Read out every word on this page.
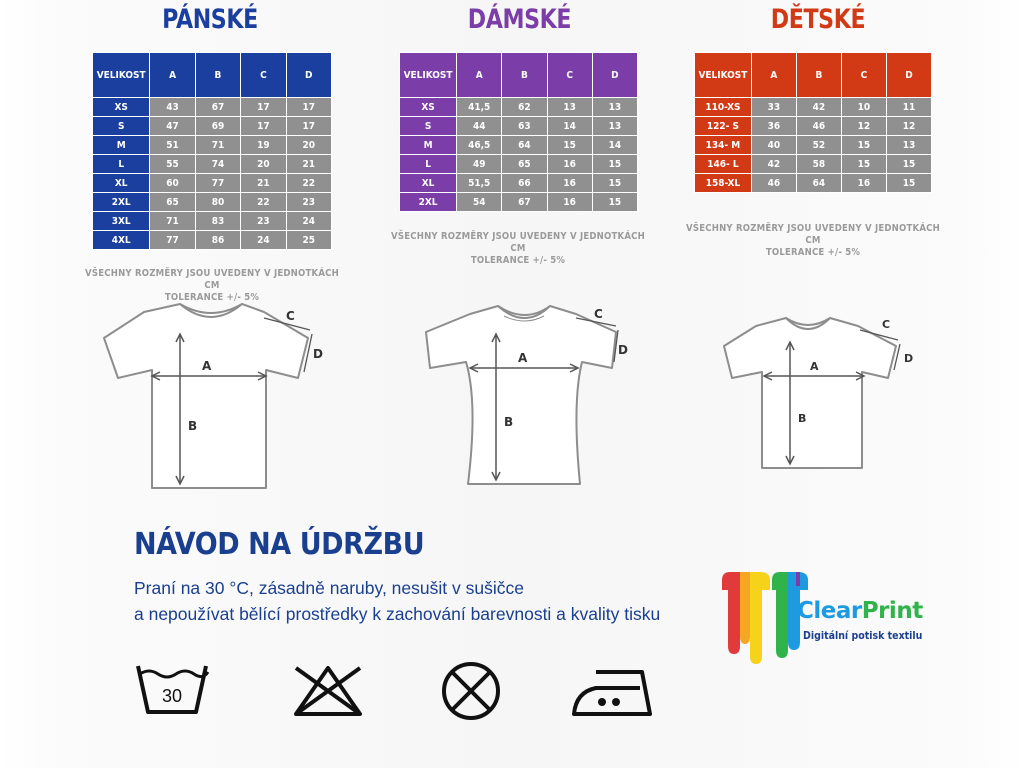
PÁNSKÉ	DÁMSKÉ	DĚTSKÉ
VELIKOST	A	B	C	D
XS	43	67	17	17
S	47	69	17	17
M	51	71	19	20
L	55	74	20	21
XL	60	77	21	22
2XL	65	80	22	23
3XL	71	83	23	24
4XL	77	86	24	25
VELIKOST	A	B	C	D
XS	41,5	62	13	13
S	44	63	14	13
M	46,5	64	15	14
L	49	65	16	15
XL	51,5	66	16	15
2XL	54	67	16	15
VELIKOST	A	B	C	D
110-XS	33	42	10	11
122- S	36	46	12	12
134- M	40	52	15	13
146- L	42	58	15	15
158-XL	46	64	16	15
VŠECHNY ROZMĚRY JSOU UVEDENY V JEDNOTKÁCH CM
TOLERANCE +/- 5%
VŠECHNY ROZMĚRY JSOU UVEDENY V JEDNOTKÁCH CM
TOLERANCE +/- 5%
VŠECHNY ROZMĚRY JSOU UVEDENY V JEDNOTKÁCH CM
TOLERANCE +/- 5%
A
B
C
D	A
B
C
D
A
B
C
D
NÁVOD NA ÚDRŽBU
Praní na 30 °C, zásadně naruby, nesušit v sušičce
a nepoužívat bělící prostředky k zachování barevnosti a kvality tisku
30
ClearPrint
Digitální potisk textilu
